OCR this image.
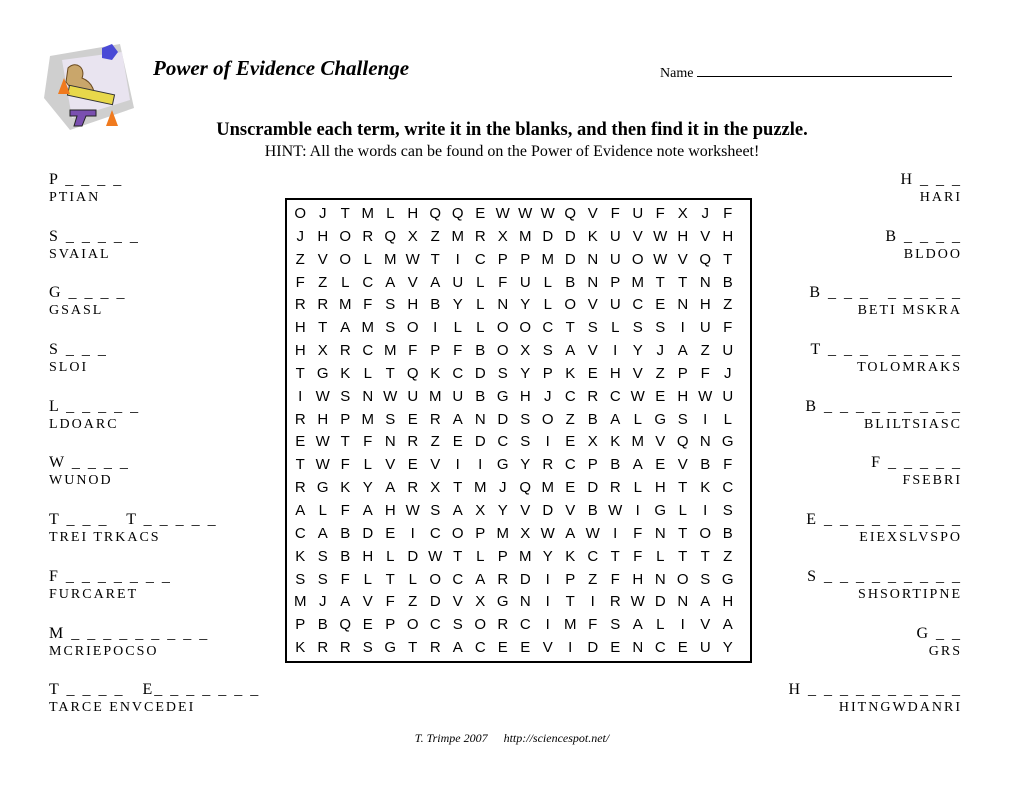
Power of Evidence Challenge	Name

Unscramble each term, write it in the blanks, and then find it in the puzzle.

HINT: All the words can be found on the Power of Evidence note worksheet!

P _ _ _ _
PTIAN
S _ _ _ _ _
SVAIAL
G _ _ _ _
GSASL
S _ _ _
SLOI
L _ _ _ _ _
LDOARC
W _ _ _ _
WUNOD
T _ _ _   T _ _ _ _ _
TREI TRKACS
F _ _ _ _ _ _ _
FURCARET
M _ _ _ _ _ _ _ _ _
MCRIEPOCSO
T _ _ _ _   E_ _ _ _ _ _ _
TARCE ENVCEDEI
H _ _ _
HARI
B _ _ _ _
BLDOO
B _ _ _   _ _ _ _ _
BETI MSKRA
T _ _ _   _ _ _ _ _
TOLOMRAKS
B _ _ _ _ _ _ _ _ _
BLILTSIASC
F _ _ _ _ _
FSEBRI
E _ _ _ _ _ _ _ _ _
EIEXSLVSPO
S _ _ _ _ _ _ _ _ _
SHSORTIPNE
G _ _
GRS
H _ _ _ _ _ _ _ _ _ _
HITNGWDANRI
O J T M L H Q Q E W W W Q V F U F X J F
J H O R Q X Z M R X M D D K U V W H V H
Z V O L M W T	I	C P P M D N U O W V Q T
F Z L C A V A U L F U L B N P M T T N B
R R M F S H B Y L N Y L O V U C E N H Z
H T A M S O I	L L O O C T S L S S	I	U F
H X R C M F P F B O X S A V	I	Y J A Z U
T G K L T Q K C D S Y P K E H V Z P F J
I W S N W U M U B G H J C R C W E H W U
R H P M S E R A N D S O Z B A L G S	I	L
E W T F N R Z E D C S	I	E X K M V Q N G
T W F L V E V	I	I G Y R C P B A E V B F
R G K Y A R X T M J Q M E D R L H T K C
A L F A H W S A X Y V D V B W I G L	I	S
C A B D E	I	C O P M X W A W I	F N T O B
K S B H L D W T L P M Y K C T F L T T Z
S S F L T L O C A R D I	P Z F H N O S G
M J A V F Z D V X G N I	T	I	R W D N A H
P B Q E P O C S O R C I M F S A L	I	V A
K R R S G T R A C E E V	I	D E N C E U Y
T. Trimpe 2007 http://sciencespot.net/
